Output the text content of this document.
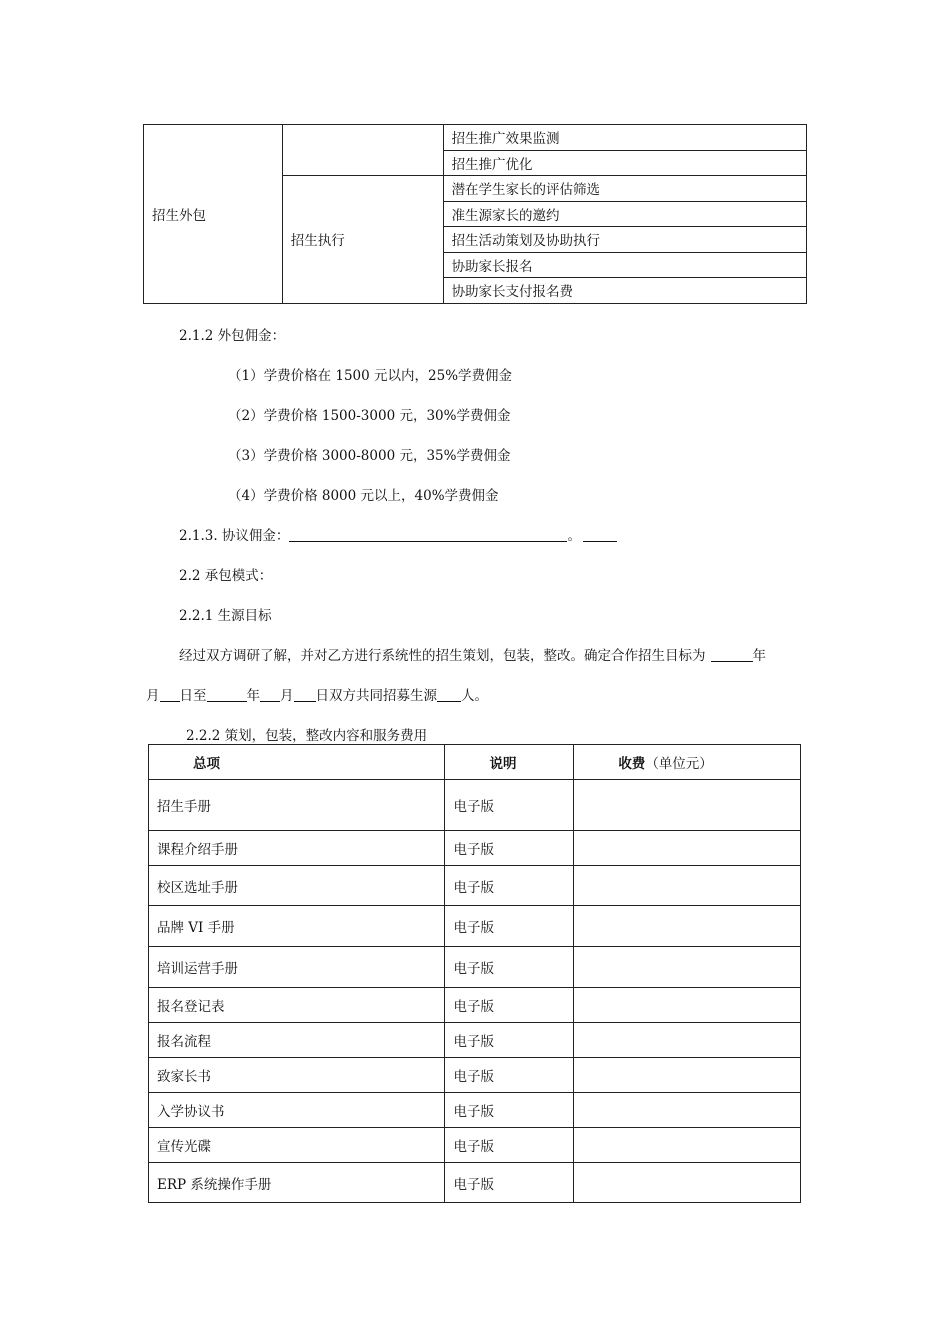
招生外包		招生推广效果监测
		招生推广优化
	招生执行	潜在学生家长的评估筛选
		准生源家长的邀约
		招生活动策划及协助执行
		协助家长报名
		协助家长支付报名费
2.1.2 外包佣金：
（1）学费价格在 1500 元以内，25%学费佣金
（2）学费价格 1500-3000 元，30%学费佣金
（3）学费价格 3000-8000 元，35%学费佣金
（4）学费价格 8000 元以上，40%学费佣金
2.1.3. 协议佣金：	。
2.2 承包模式：
2.2.1 生源目标
经过双方调研了解，并对乙方进行系统性的招生策划，包装，整改。确定合作招生目标为	年
月 日至	年 月 日双方共同招募生源 人。
2.2.2 策划，包装，整改内容和服务费用
总项	说明	收费（单位元）
招生手册	电子版	
课程介绍手册	电子版	
校区选址手册	电子版	
品牌 VI 手册	电子版	
培训运营手册	电子版	
报名登记表	电子版	
报名流程	电子版	
致家长书	电子版	
入学协议书	电子版	
宣传光碟	电子版	
ERP 系统操作手册	电子版	
